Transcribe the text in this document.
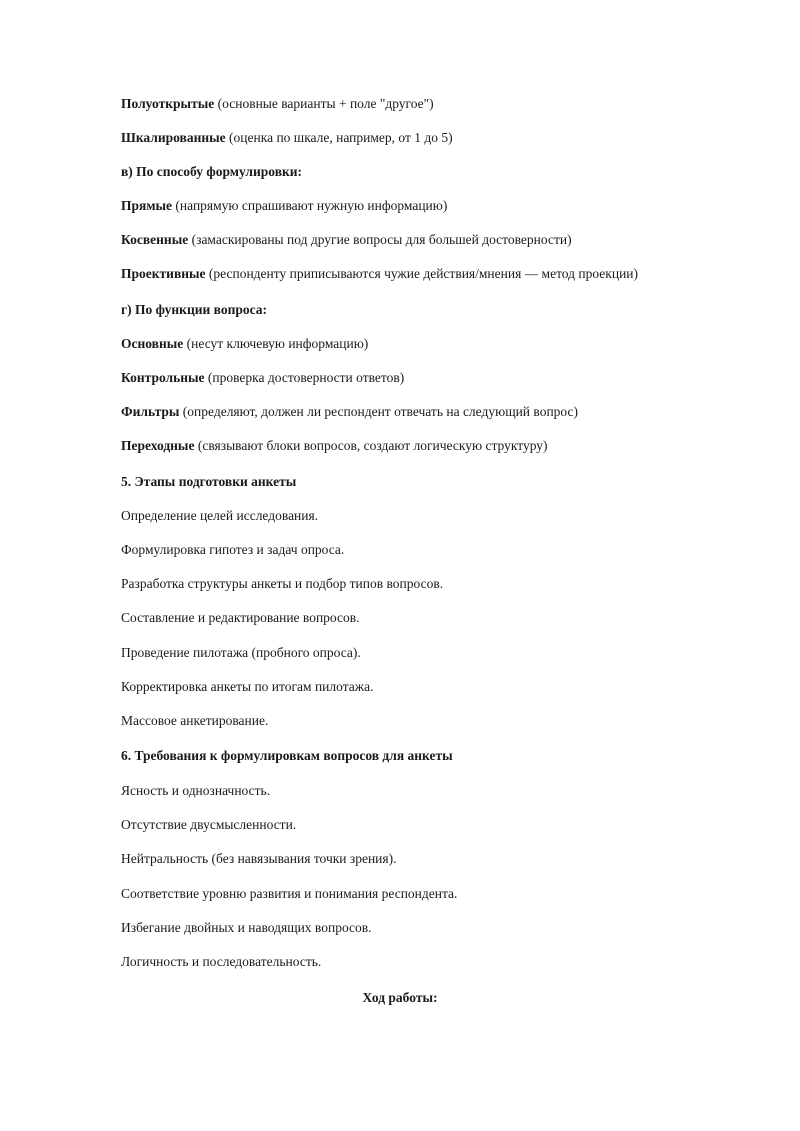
Полуоткрытые (основные варианты + поле "другое")
Шкалированные (оценка по шкале, например, от 1 до 5)
в) По способу формулировки:
Прямые (напрямую спрашивают нужную информацию)
Косвенные (замаскированы под другие вопросы для большей достоверности)
Проективные (респонденту приписываются чужие действия/мнения — метод проекции)
г) По функции вопроса:
Основные (несут ключевую информацию)
Контрольные (проверка достоверности ответов)
Фильтры (определяют, должен ли респондент отвечать на следующий вопрос)
Переходные (связывают блоки вопросов, создают логическую структуру)
5. Этапы подготовки анкеты
Определение целей исследования.
Формулировка гипотез и задач опроса.
Разработка структуры анкеты и подбор типов вопросов.
Составление и редактирование вопросов.
Проведение пилотажа (пробного опроса).
Корректировка анкеты по итогам пилотажа.
Массовое анкетирование.
6. Требования к формулировкам вопросов для анкеты
Ясность и однозначность.
Отсутствие двусмысленности.
Нейтральность (без навязывания точки зрения).
Соответствие уровню развития и понимания респондента.
Избегание двойных и наводящих вопросов.
Логичность и последовательность.
Ход работы:
